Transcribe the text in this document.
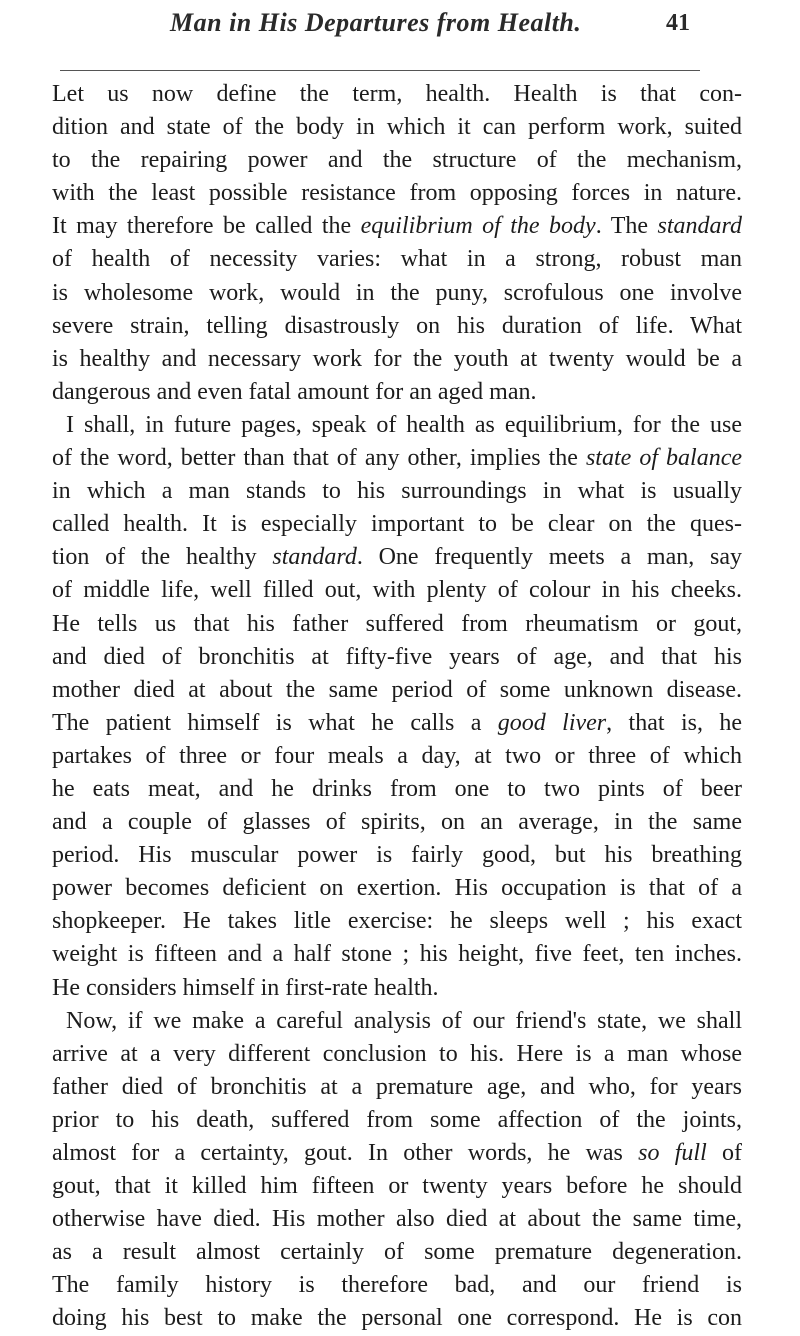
Man in His Departures from Health.	41
Let us now define the term, health. Health is that con-
dition and state of the body in which it can perform work, suited
to the repairing power and the structure of the mechanism,
with the least possible resistance from opposing forces in nature.
It may therefore be called the equilibrium of the body. The standard
of health of necessity varies: what in a strong, robust man
is wholesome work, would in the puny, scrofulous one involve
severe strain, telling disastrously on his duration of life. What
is healthy and necessary work for the youth at twenty would be a
dangerous and even fatal amount for an aged man.
I shall, in future pages, speak of health as equilibrium, for the use
of the word, better than that of any other, implies the state of balance
in which a man stands to his surroundings in what is usually
called health. It is especially important to be clear on the ques-
tion of the healthy standard. One frequently meets a man, say
of middle life, well filled out, with plenty of colour in his cheeks.
He tells us that his father suffered from rheumatism or gout,
and died of bronchitis at fifty-five years of age, and that his
mother died at about the same period of some unknown disease.
The patient himself is what he calls a good liver, that is, he
partakes of three or four meals a day, at two or three of which
he eats meat, and he drinks from one to two pints of beer
and a couple of glasses of spirits, on an average, in the same
period. His muscular power is fairly good, but his breathing
power becomes deficient on exertion. His occupation is that of a
shopkeeper. He takes litle exercise: he sleeps well ; his exact
weight is fifteen and a half stone ; his height, five feet, ten inches.
He considers himself in first-rate health.
Now, if we make a careful analysis of our friend's state, we shall
arrive at a very different conclusion to his. Here is a man whose
father died of bronchitis at a premature age, and who, for years
prior to his death, suffered from some affection of the joints,
almost for a certainty, gout. In other words, he was so full of
gout, that it killed him fifteen or twenty years before he should
otherwise have died. His mother also died at about the same time,
as a result almost certainly of some premature degeneration.
The family history is therefore bad, and our friend is
doing his best to make the personal one correspond. He is con
